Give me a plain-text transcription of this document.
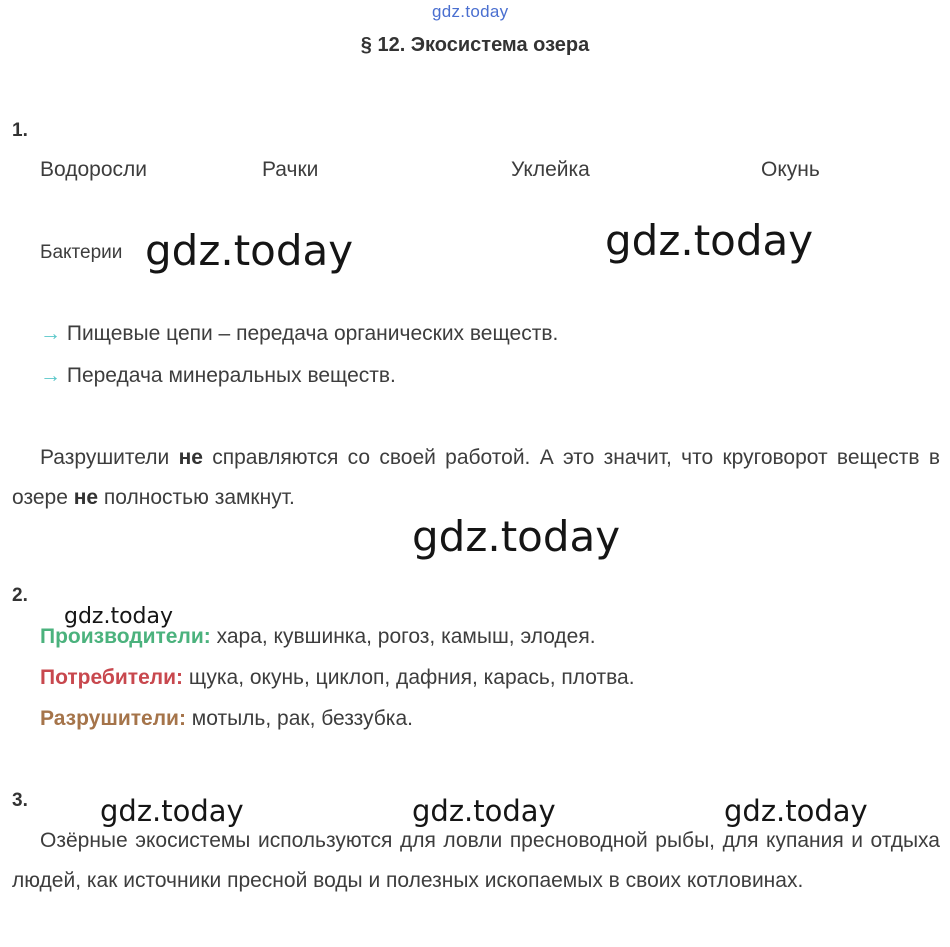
gdz.today
§ 12. Экосистема озера
1.
Водоросли	Рачки	Уклейка	Окунь
Бактерии gdz.today	gdz.today
→ Пищевые цепи – передача органических веществ.
→ Передача минеральных веществ.
Разрушители не справляются со своей работой. А это значит, что круговорот веществ в озере не полностью замкнут.
gdz.today
2.
gdz.today
Производители: хара, кувшинка, рогоз, камыш, элодея.
Потребители: щука, окунь, циклоп, дафния, карась, плотва.
Разрушители: мотыль, рак, беззубка.
3. gdz.today	gdz.today	gdz.today
Озёрные экосистемы используются для ловли пресноводной рыбы, для купания и отдыха людей, как источники пресной воды и полезных ископаемых в своих котловинах.
